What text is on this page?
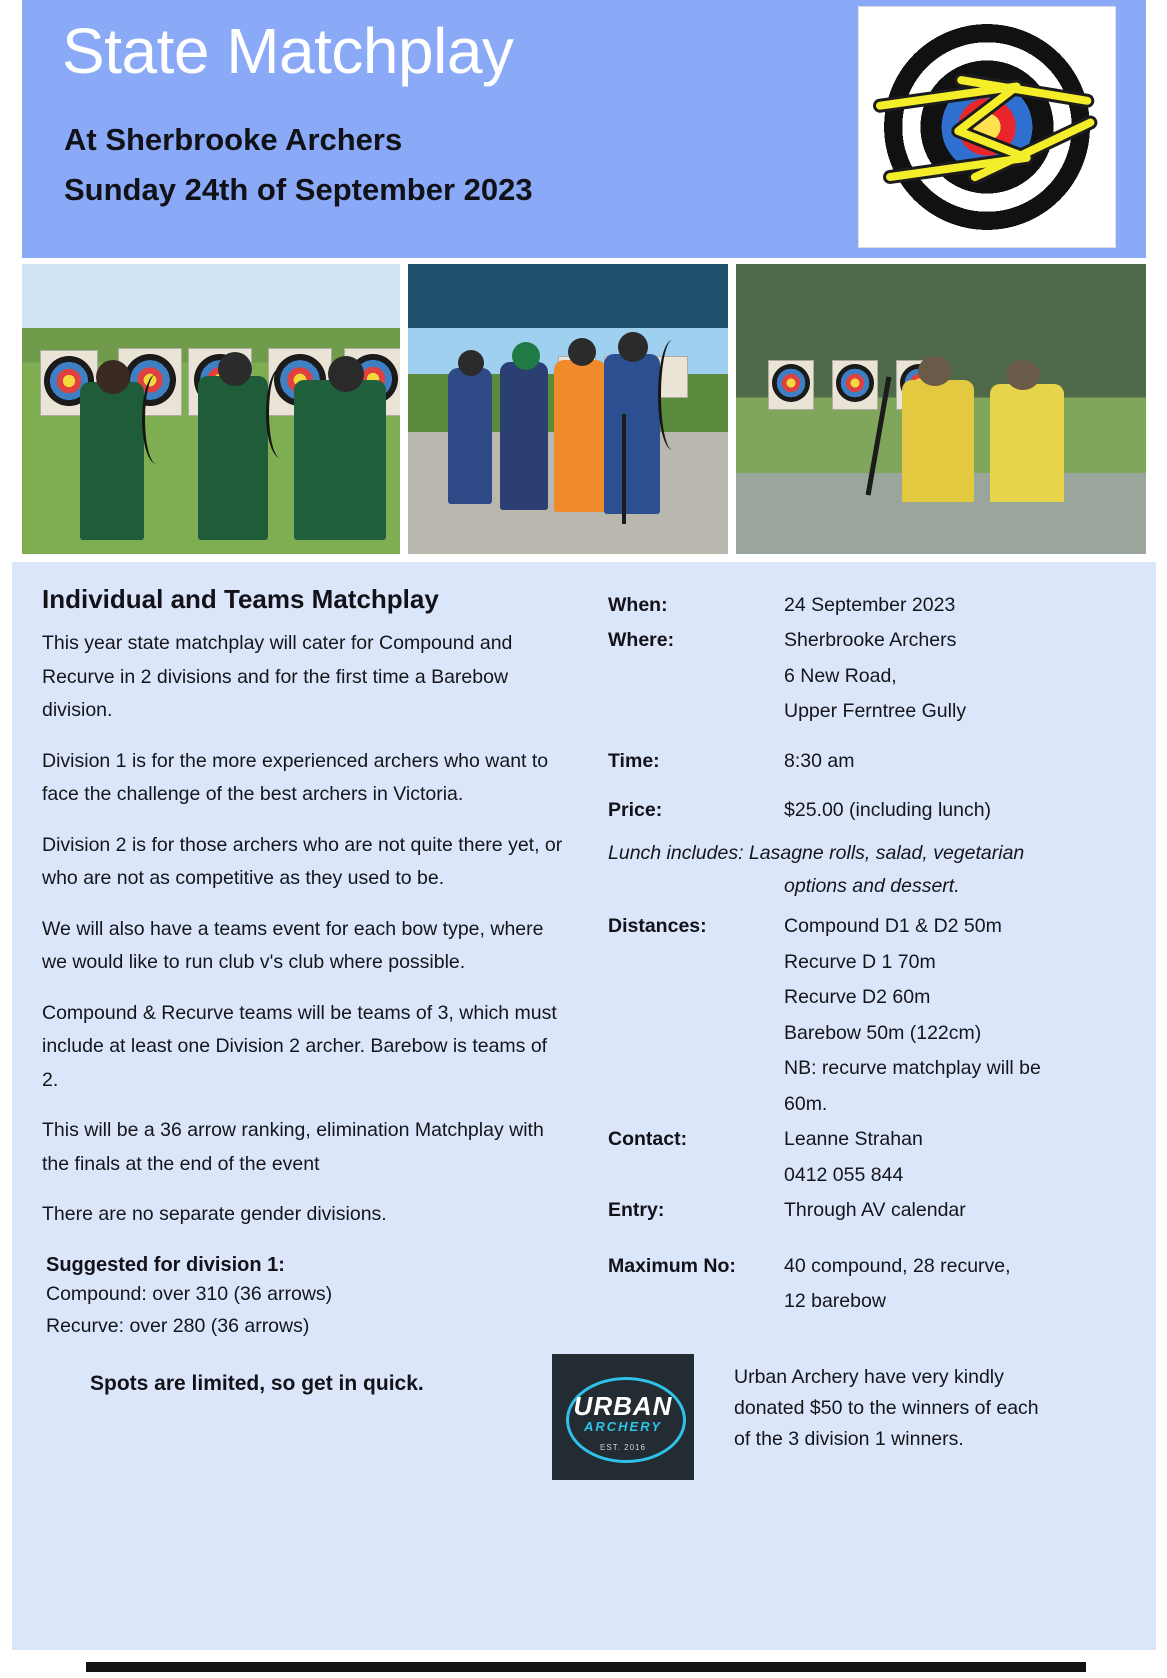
State Matchplay
At Sherbrooke Archers
Sunday 24th of September 2023
Individual and Teams Matchplay

This year state matchplay will cater for Compound and Recurve in 2 divisions and for the first time a Barebow division.

Division 1 is for the more experienced archers who want to face the challenge of the best archers in Victoria.

Division 2 is for those archers who are not quite there yet, or who are not as competitive as they used to be.

We will also have a teams event for each bow type, where we would like to run club v's club where possible.

Compound & Recurve teams will be teams of 3, which must include at least one Division 2 archer. Barebow is teams of 2.

This will be a 36 arrow ranking, elimination Matchplay with the finals at the end of the event

There are no separate gender divisions.

Suggested for division 1:
Compound: over 310 (36 arrows)
Recurve: over 280 (36 arrows)
Spots are limited, so get in quick.
When:	24 September 2023
Where:	Sherbrooke Archers
6 New Road,
Upper Ferntree Gully
Time:	8:30 am
Price:	$25.00 (including lunch)
Lunch includes: Lasagne rolls, salad, vegetarian
options and dessert.
Distances:	Compound D1 & D2 50m
Recurve D 1 70m
Recurve D2 60m
Barebow 50m (122cm)
NB: recurve matchplay will be
60m.
Contact:	Leanne Strahan
0412 055 844
Entry:	Through AV calendar
Maximum No:	40 compound, 28 recurve,
12 barebow
URBAN
ARCHERY
EST. 2016
Urban Archery have very kindly
donated $50 to the winners of each
of the 3 division 1 winners.
